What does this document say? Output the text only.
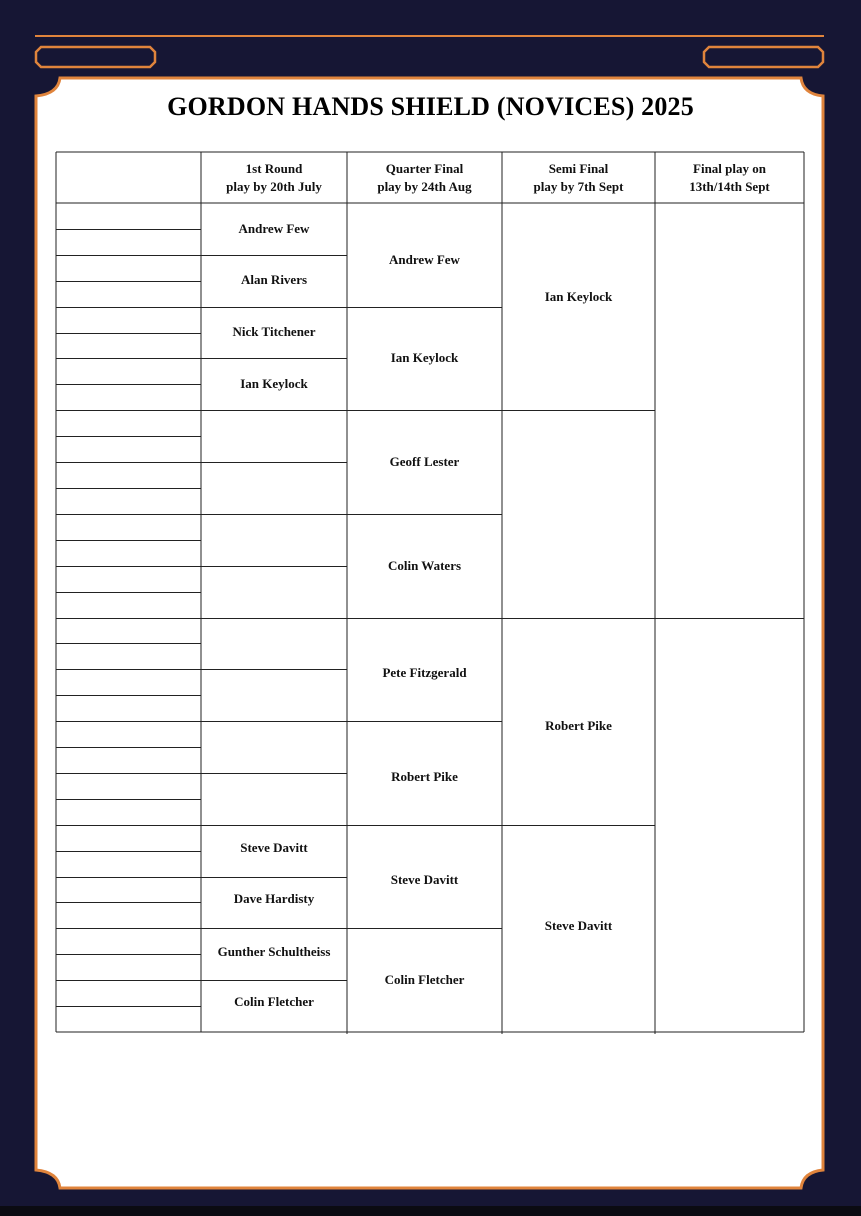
GORDON HANDS SHIELD (NOVICES) 2025
1st Round
play by 20th July
Quarter Final
play by 24th Aug
Semi Final
play by 7th Sept
Final play on
13th/14th Sept
Andrew Few
Alan Rivers
Nick Titchener
Ian Keylock
Steve Davitt
Dave Hardisty
Gunther Schultheiss
Colin Fletcher
Andrew Few
Ian Keylock
Geoff Lester
Colin Waters
Pete Fitzgerald
Robert Pike
Steve Davitt
Colin Fletcher
Ian Keylock
Robert Pike
Steve Davitt
